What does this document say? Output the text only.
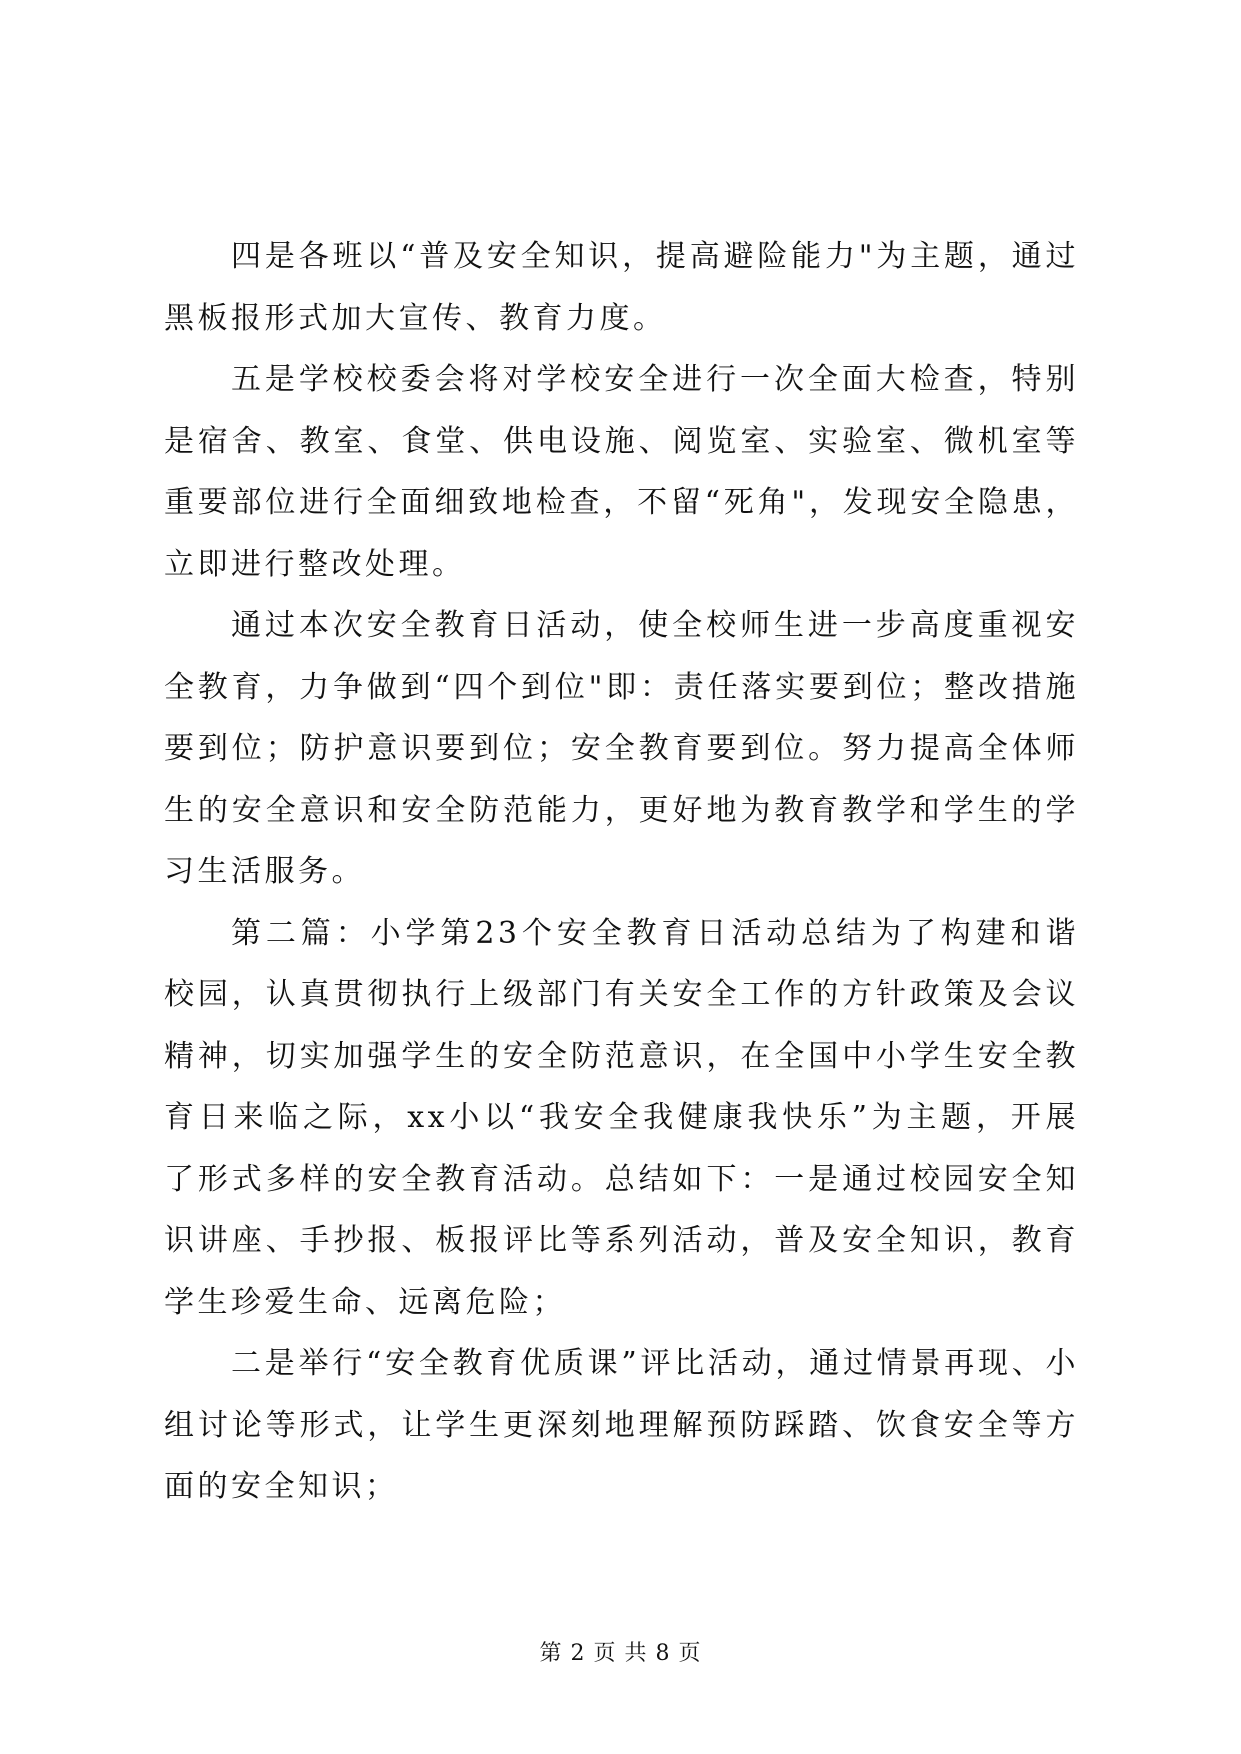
四是各班以“普及安全知识，提高避险能力"为主题，通过黑板报形式加大宣传、教育力度。

五是学校校委会将对学校安全进行一次全面大检查，特别是宿舍、教室、食堂、供电设施、阅览室、实验室、微机室等重要部位进行全面细致地检查，不留“死角"，发现安全隐患，立即进行整改处理。

通过本次安全教育日活动，使全校师生进一步高度重视安全教育，力争做到“四个到位"即：责任落实要到位；整改措施要到位；防护意识要到位；安全教育要到位。努力提高全体师生的安全意识和安全防范能力，更好地为教育教学和学生的学习生活服务。

第二篇：小学第23个安全教育日活动总结为了构建和谐校园，认真贯彻执行上级部门有关安全工作的方针政策及会议精神，切实加强学生的安全防范意识，在全国中小学生安全教育日来临之际，xx小以“我安全我健康我快乐”为主题，开展了形式多样的安全教育活动。总结如下：一是通过校园安全知识讲座、手抄报、板报评比等系列活动，普及安全知识，教育学生珍爱生命、远离危险；

二是举行“安全教育优质课”评比活动，通过情景再现、小组讨论等形式，让学生更深刻地理解预防踩踏、饮食安全等方面的安全知识；

第 2 页 共 8 页
